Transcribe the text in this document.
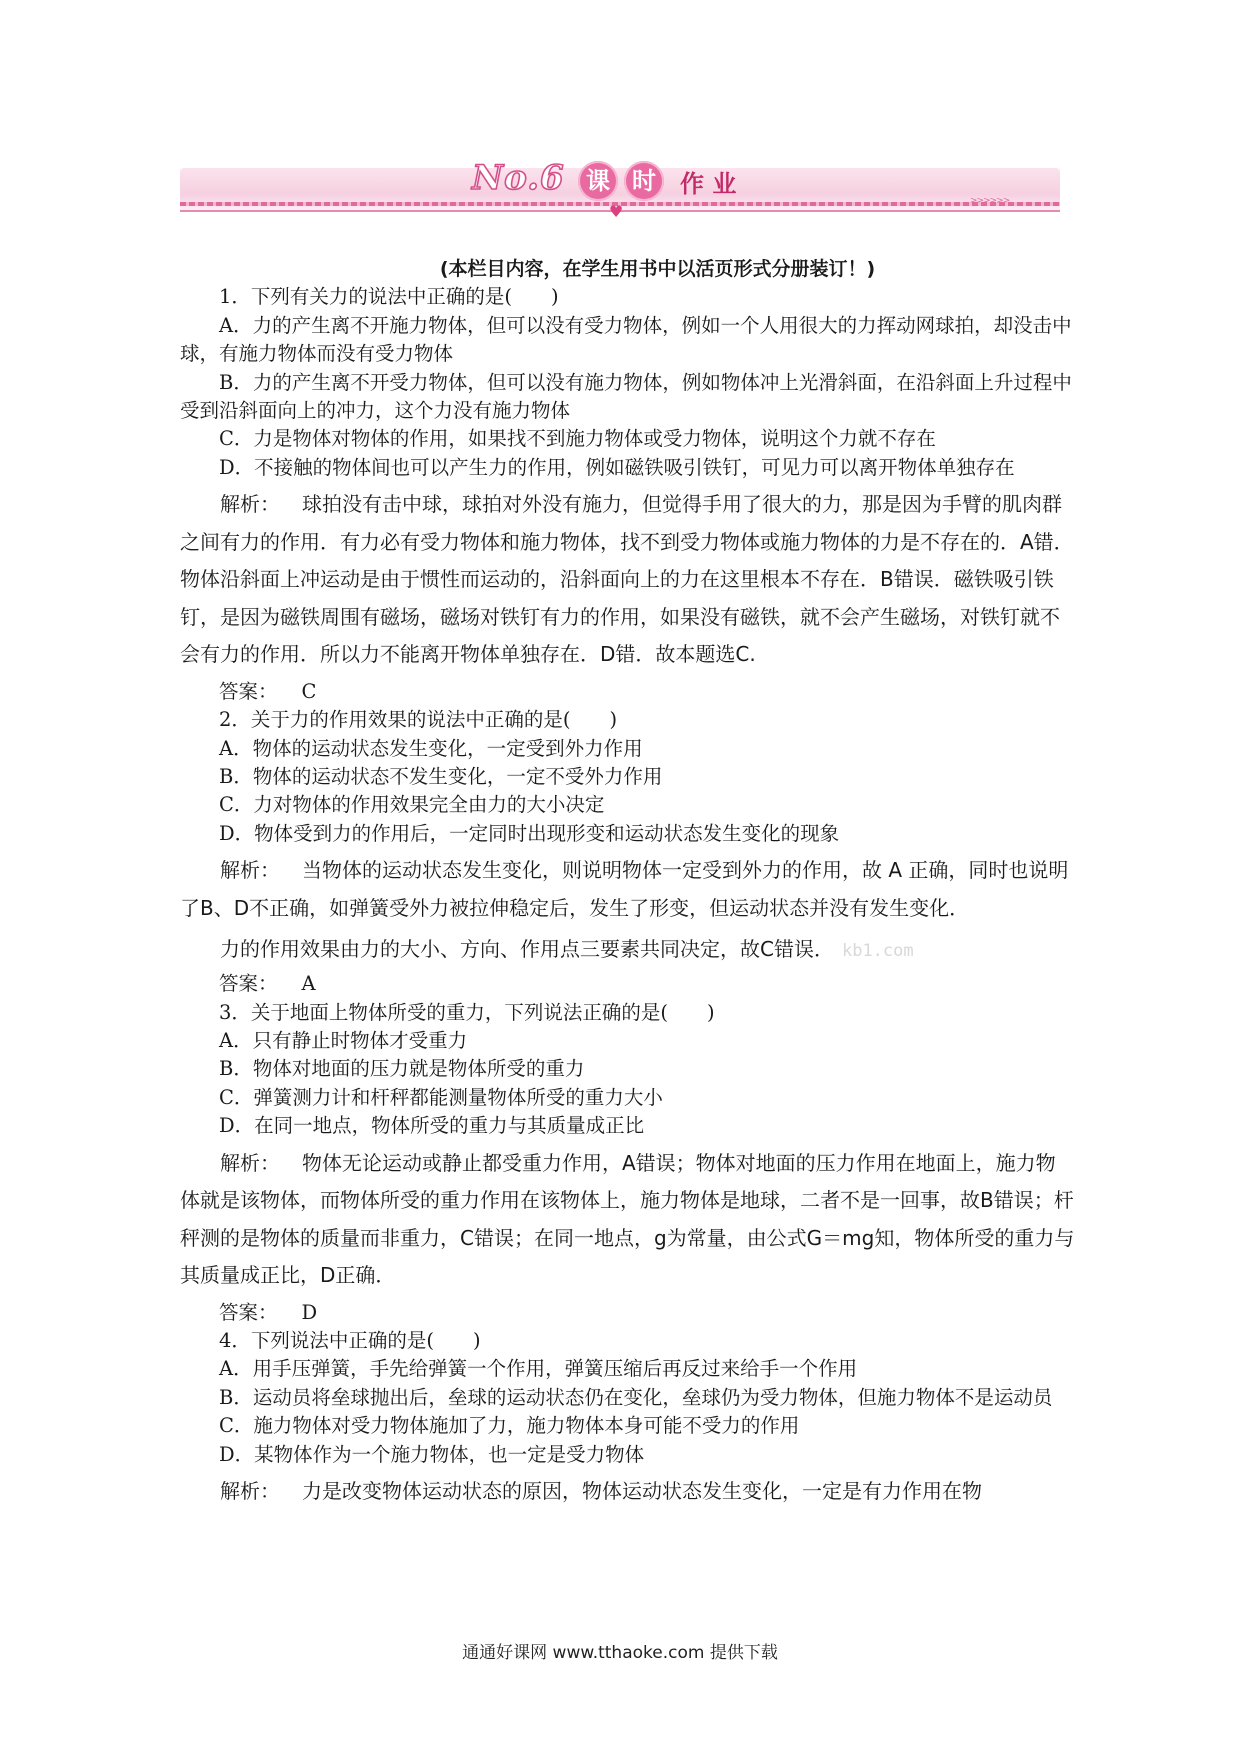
♥
>>>>>>
No.6 课 时	作 业

(本栏目内容，在学生用书中以活页形式分册装订！)

1．下列有关力的说法中正确的是(　　)

A．力的产生离不开施力物体，但可以没有受力物体，例如一个人用很大的力挥动网球拍，却没击中球，有施力物体而没有受力物体

B．力的产生离不开受力物体，但可以没有施力物体，例如物体冲上光滑斜面，在沿斜面上升过程中受到沿斜面向上的冲力，这个力没有施力物体

C．力是物体对物体的作用，如果找不到施力物体或受力物体，说明这个力就不存在

D．不接触的物体间也可以产生力的作用，例如磁铁吸引铁钉，可见力可以离开物体单独存在

解析： 球拍没有击中球，球拍对外没有施力，但觉得手用了很大的力，那是因为手臂的肌肉群之间有力的作用．有力必有受力物体和施力物体，找不到受力物体或施力物体的力是不存在的．A错．物体沿斜面上冲运动是由于惯性而运动的，沿斜面向上的力在这里根本不存在．B错误．磁铁吸引铁钉，是因为磁铁周围有磁场，磁场对铁钉有力的作用，如果没有磁铁，就不会产生磁场，对铁钉就不会有力的作用．所以力不能离开物体单独存在．D错．故本题选C.

答案： C

2．关于力的作用效果的说法中正确的是(　　)

A．物体的运动状态发生变化，一定受到外力作用

B．物体的运动状态不发生变化，一定不受外力作用

C．力对物体的作用效果完全由力的大小决定

D．物体受到力的作用后，一定同时出现形变和运动状态发生变化的现象

解析： 当物体的运动状态发生变化，则说明物体一定受到外力的作用，故 A 正确，同时也说明了B、D不正确，如弹簧受外力被拉伸稳定后，发生了形变，但运动状态并没有发生变化．

力的作用效果由力的大小、方向、作用点三要素共同决定，故C错误． kb1.com

答案： A

3．关于地面上物体所受的重力，下列说法正确的是(　　)

A．只有静止时物体才受重力

B．物体对地面的压力就是物体所受的重力

C．弹簧测力计和杆秤都能测量物体所受的重力大小

D．在同一地点，物体所受的重力与其质量成正比

解析： 物体无论运动或静止都受重力作用，A错误；物体对地面的压力作用在地面上，施力物体就是该物体，而物体所受的重力作用在该物体上，施力物体是地球，二者不是一回事，故B错误；杆秤测的是物体的质量而非重力，C错误；在同一地点，g为常量，由公式G＝mg知，物体所受的重力与其质量成正比，D正确．

答案： D

4．下列说法中正确的是(　　)

A．用手压弹簧，手先给弹簧一个作用，弹簧压缩后再反过来给手一个作用

B．运动员将垒球抛出后，垒球的运动状态仍在变化，垒球仍为受力物体，但施力物体不是运动员

C．施力物体对受力物体施加了力，施力物体本身可能不受力的作用

D．某物体作为一个施力物体，也一定是受力物体

解析： 力是改变物体运动状态的原因，物体运动状态发生变化，一定是有力作用在物

通通好课网 www.tthaoke.com 提供下载
